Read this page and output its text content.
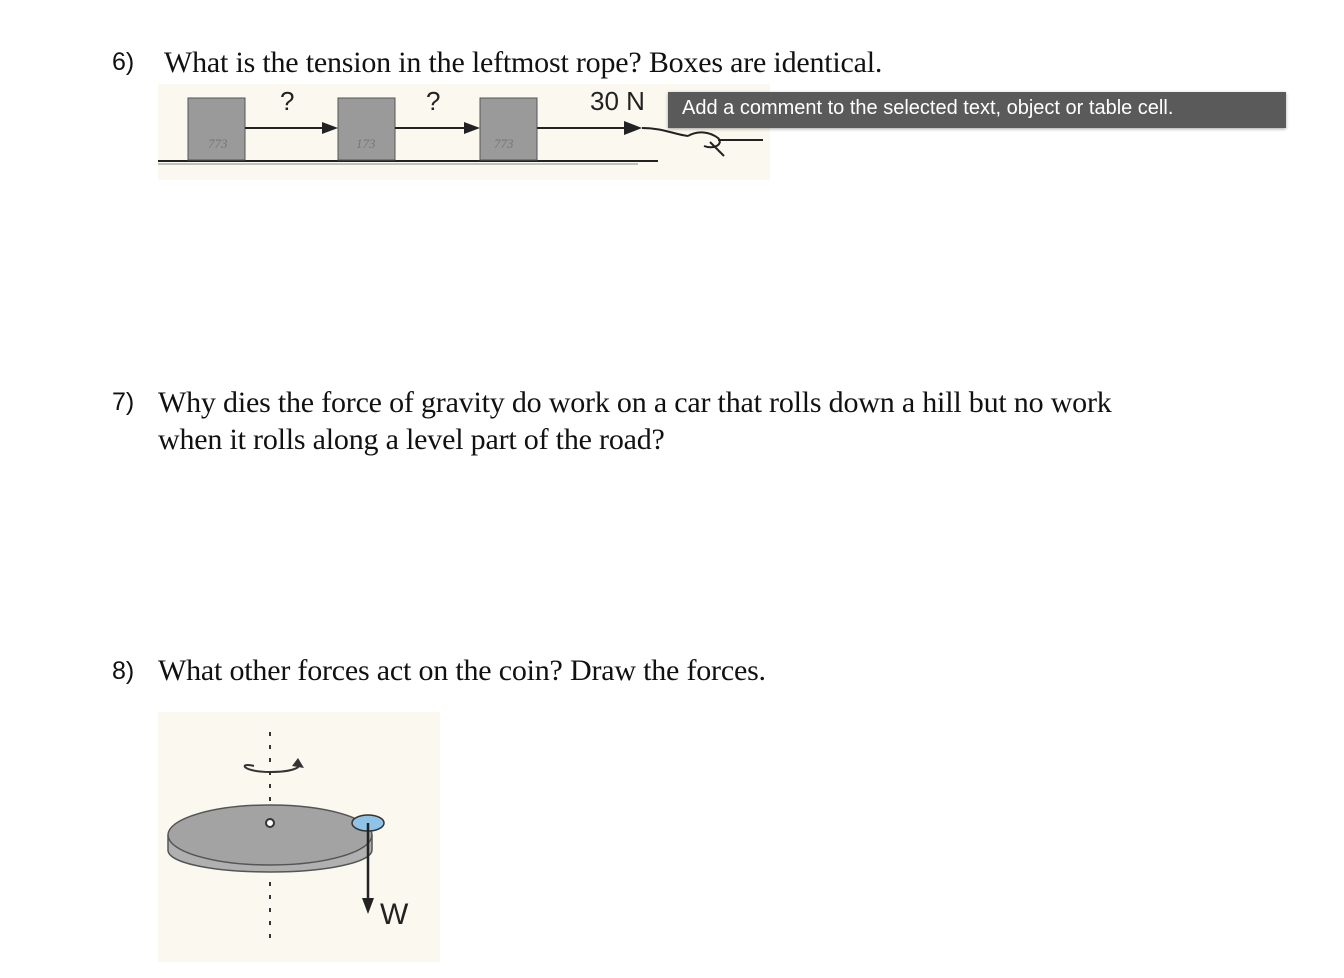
6) What is the tension in the leftmost rope? Boxes are identical.
773	173	773
?	?	30 N	Add a comment to the selected text, object or table cell.
7) Why dies the force of gravity do work on a car that rolls down a hill but no work
when it rolls along a level part of the road?
8) What other forces act on the coin? Draw the forces.
W
